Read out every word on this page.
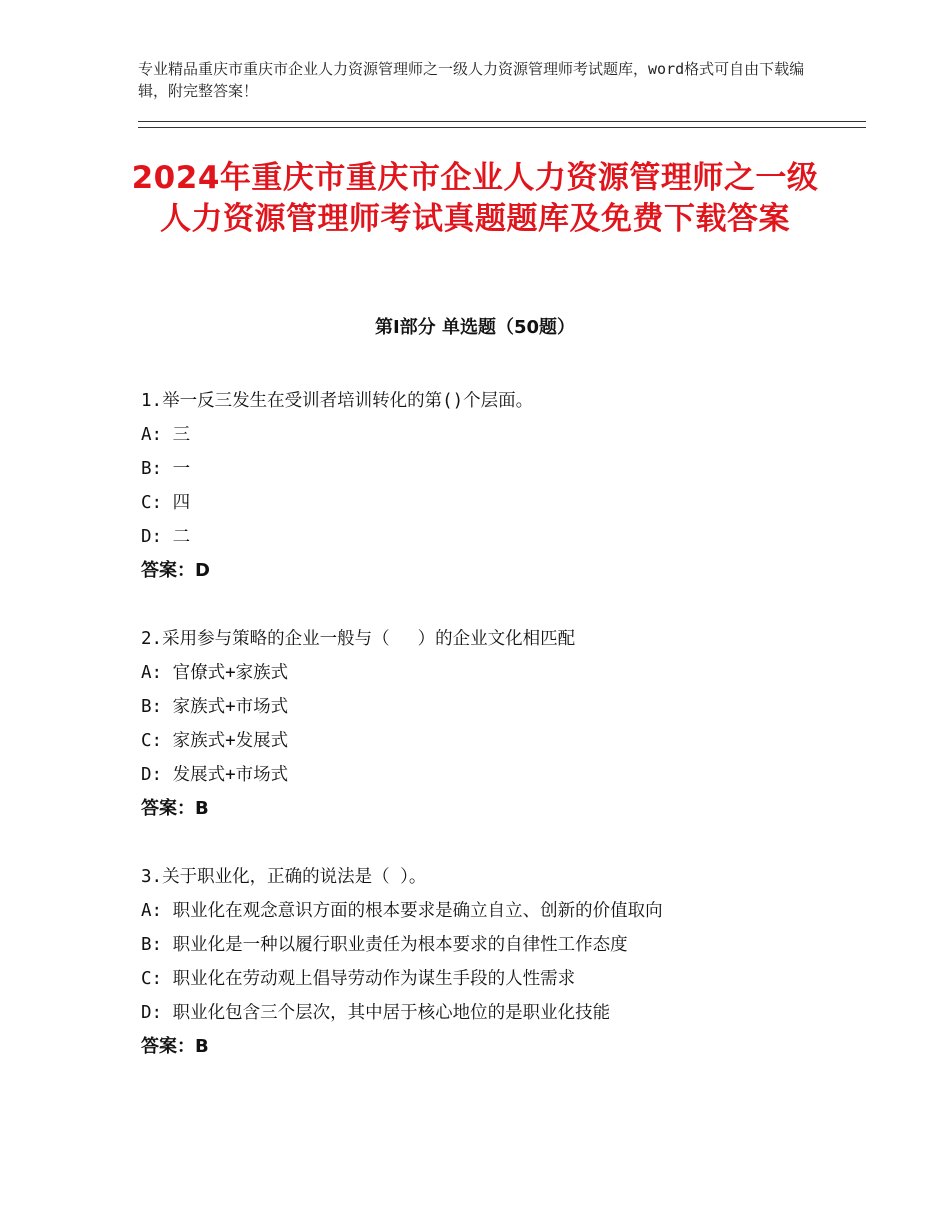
专业精品重庆市重庆市企业人力资源管理师之一级人力资源管理师考试题库，word格式可自由下载编辑，附完整答案！
2024年重庆市重庆市企业人力资源管理师之一级人力资源管理师考试真题题库及免费下载答案
第Ⅰ部分 单选题（50题）
1.举一反三发生在受训者培训转化的第()个层面。
A: 三
B: 一
C: 四
D: 二
答案：D
2.采用参与策略的企业一般与（　 ）的企业文化相匹配
A: 官僚式+家族式
B: 家族式+市场式
C: 家族式+发展式
D: 发展式+市场式
答案：B
3.关于职业化，正确的说法是（ ）。
A: 职业化在观念意识方面的根本要求是确立自立、创新的价值取向
B: 职业化是一种以履行职业责任为根本要求的自律性工作态度
C: 职业化在劳动观上倡导劳动作为谋生手段的人性需求
D: 职业化包含三个层次，其中居于核心地位的是职业化技能
答案：B
